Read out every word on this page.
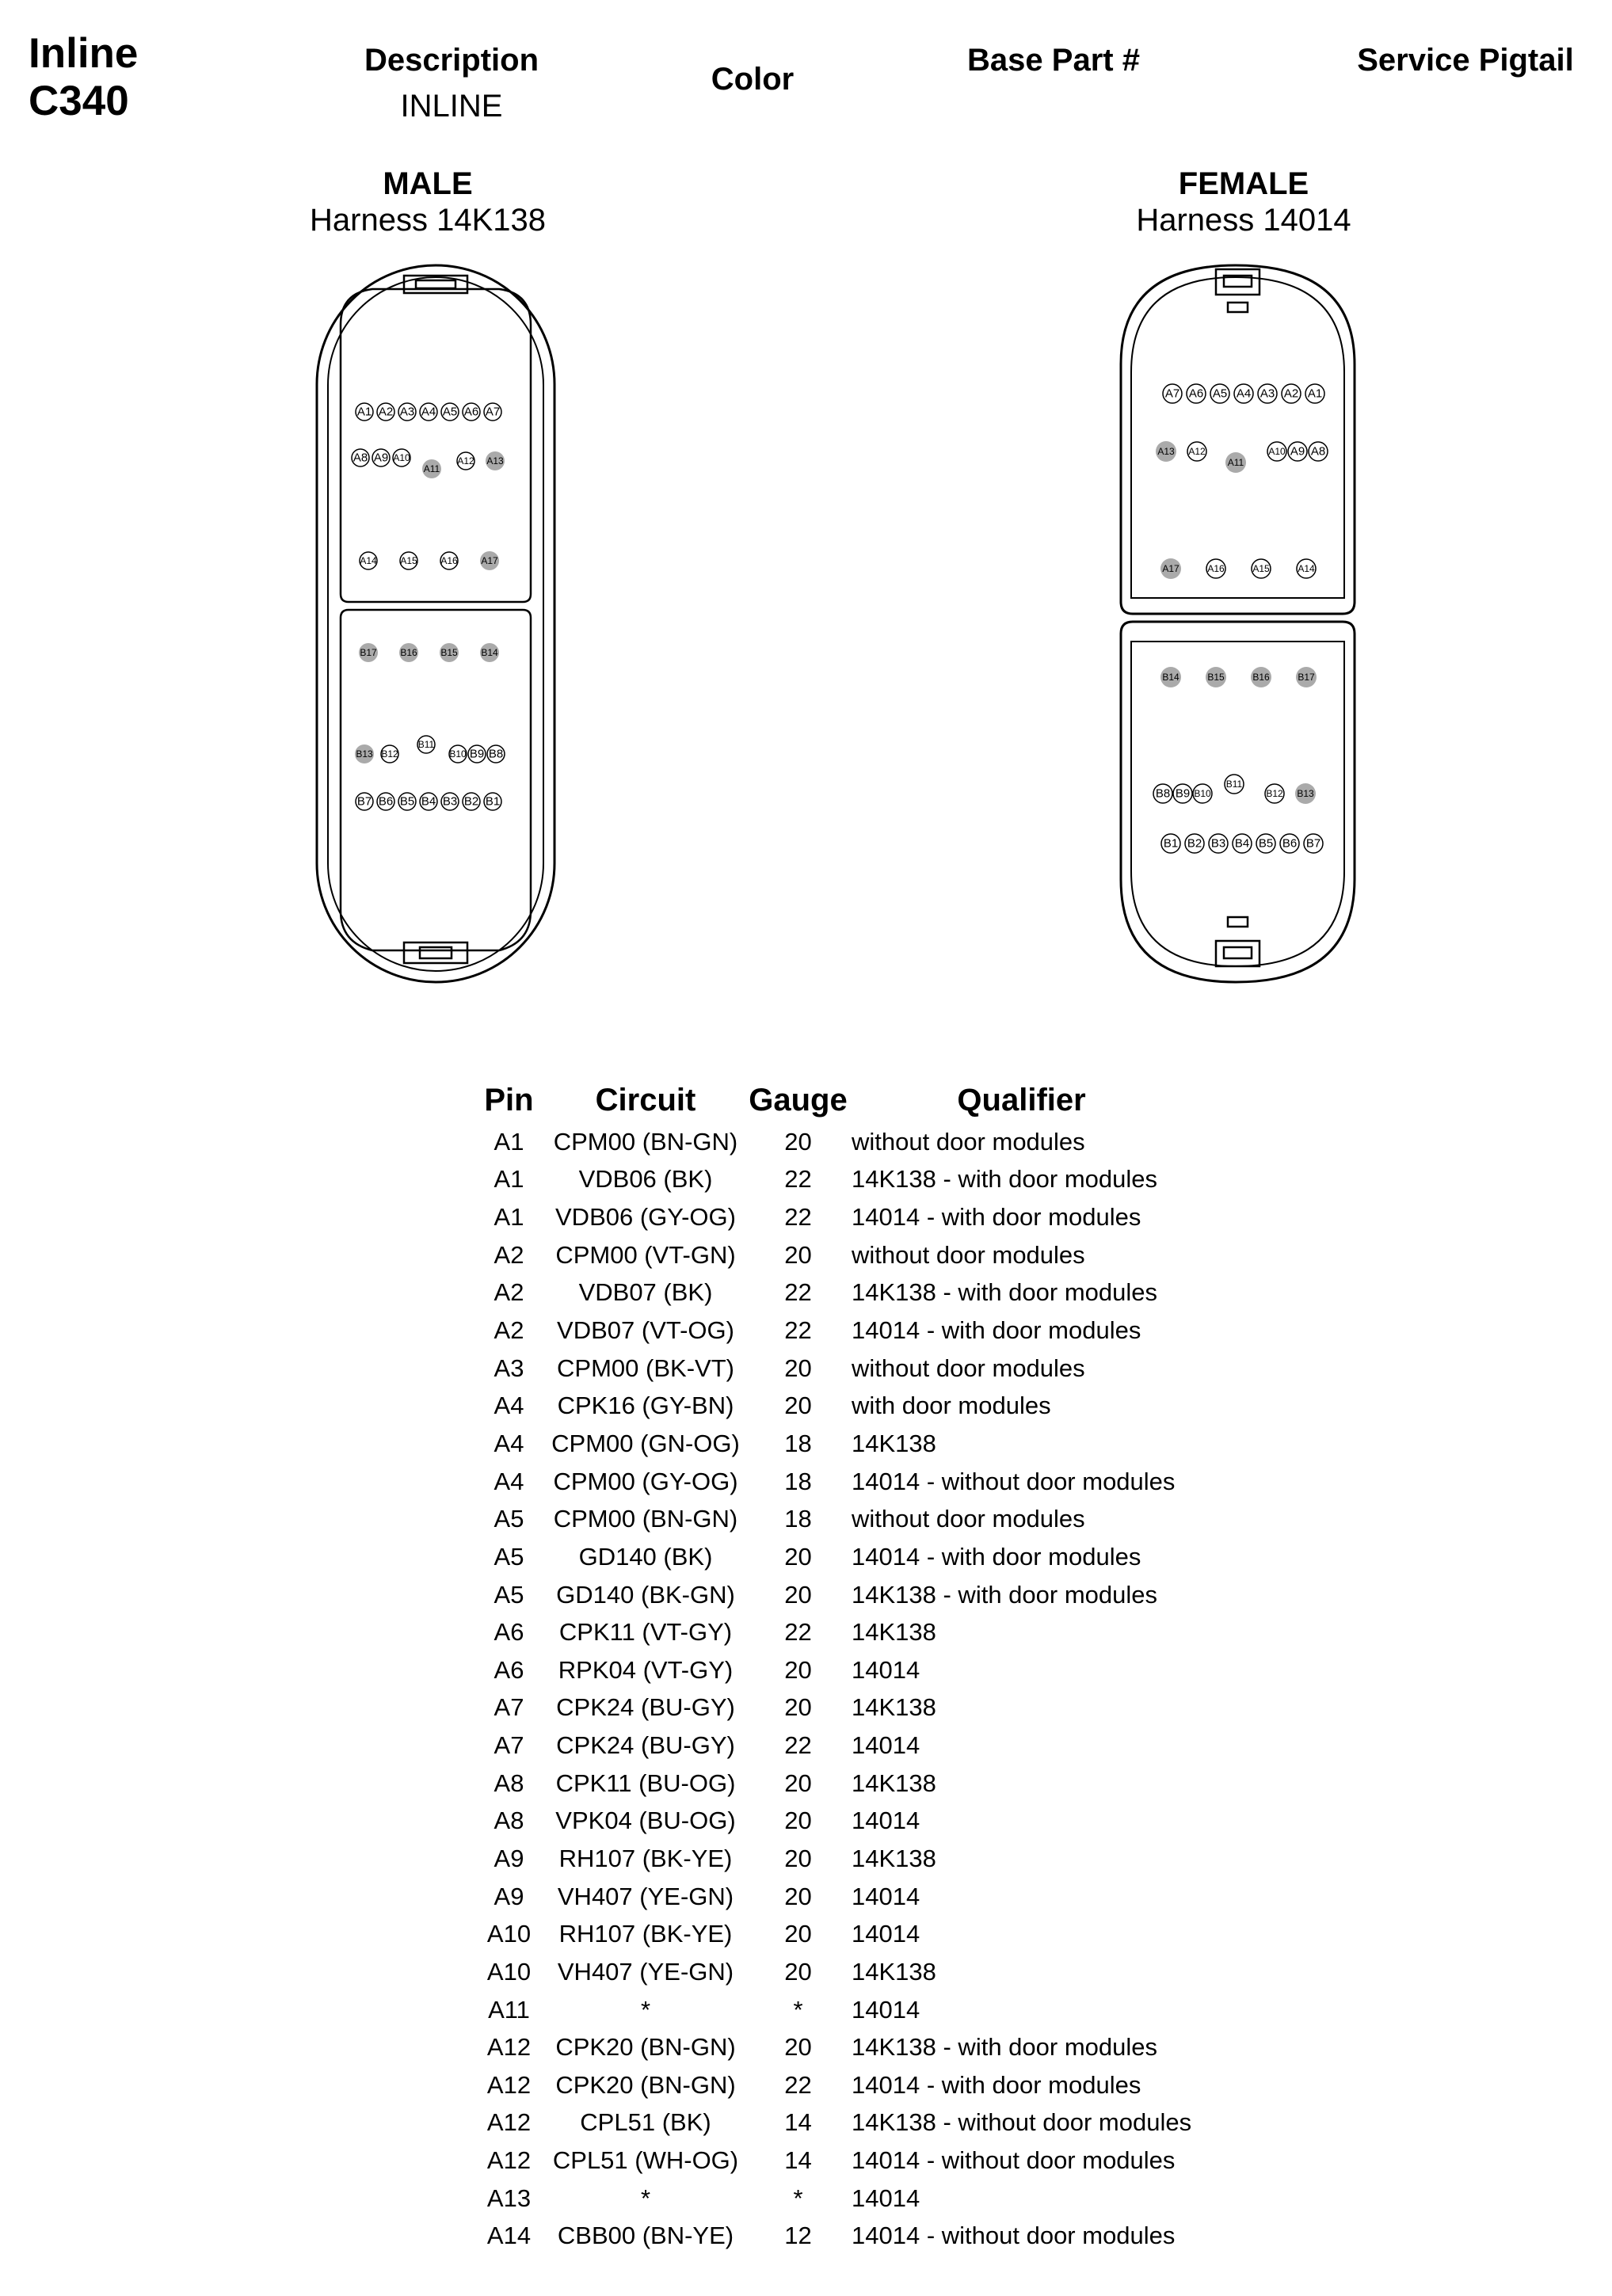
Inline
C340
Description
INLINE
Color
Base Part #	Service Pigtail
MALE
Harness 14K138
FEMALE
Harness 14014
A1 A2 A3 A4 A5 A6 A7
A8 A9 A10
A11
A12 A13
A14 A15 A16 A17
B17 B16 B15 B14
B13 B12
B11
B10 B9 B8
B7 B6 B5 B4 B3 B2 B1
A7 A6 A5 A4 A3 A2 A1
A13 A12
A11
A10 A9 A8
A17	A16	A15	A14
B14	B15	B16	B17
B8 B9 B10
B11
B12 B13
B1 B2 B3 B4 B5 B6 B7
Pin	Circuit	Gauge	Qualifier
A1	CPM00 (BN-GN)	20	without door modules
A1	VDB06 (BK)	22	14K138 - with door modules
A1	VDB06 (GY-OG)	22	14014 - with door modules
A2	CPM00 (VT-GN)	20	without door modules
A2	VDB07 (BK)	22	14K138 - with door modules
A2	VDB07 (VT-OG)	22	14014 - with door modules
A3	CPM00 (BK-VT)	20	without door modules
A4	CPK16 (GY-BN)	20	with door modules
A4	CPM00 (GN-OG)	18	14K138
A4	CPM00 (GY-OG)	18	14014 - without door modules
A5	CPM00 (BN-GN)	18	without door modules
A5	GD140 (BK)	20	14014 - with door modules
A5	GD140 (BK-GN)	20	14K138 - with door modules
A6	CPK11 (VT-GY)	22	14K138
A6	RPK04 (VT-GY)	20	14014
A7	CPK24 (BU-GY)	20	14K138
A7	CPK24 (BU-GY)	22	14014
A8	CPK11 (BU-OG)	20	14K138
A8	VPK04 (BU-OG)	20	14014
A9	RH107 (BK-YE)	20	14K138
A9	VH407 (YE-GN)	20	14014
A10	RH107 (BK-YE)	20	14014
A10	VH407 (YE-GN)	20	14K138
A11	*	*	14014
A12	CPK20 (BN-GN)	20	14K138 - with door modules
A12	CPK20 (BN-GN)	22	14014 - with door modules
A12	CPL51 (BK)	14	14K138 - without door modules
A12	CPL51 (WH-OG)	14	14014 - without door modules
A13	*	*	14014
A14	CBB00 (BN-YE)	12	14014 - without door modules
